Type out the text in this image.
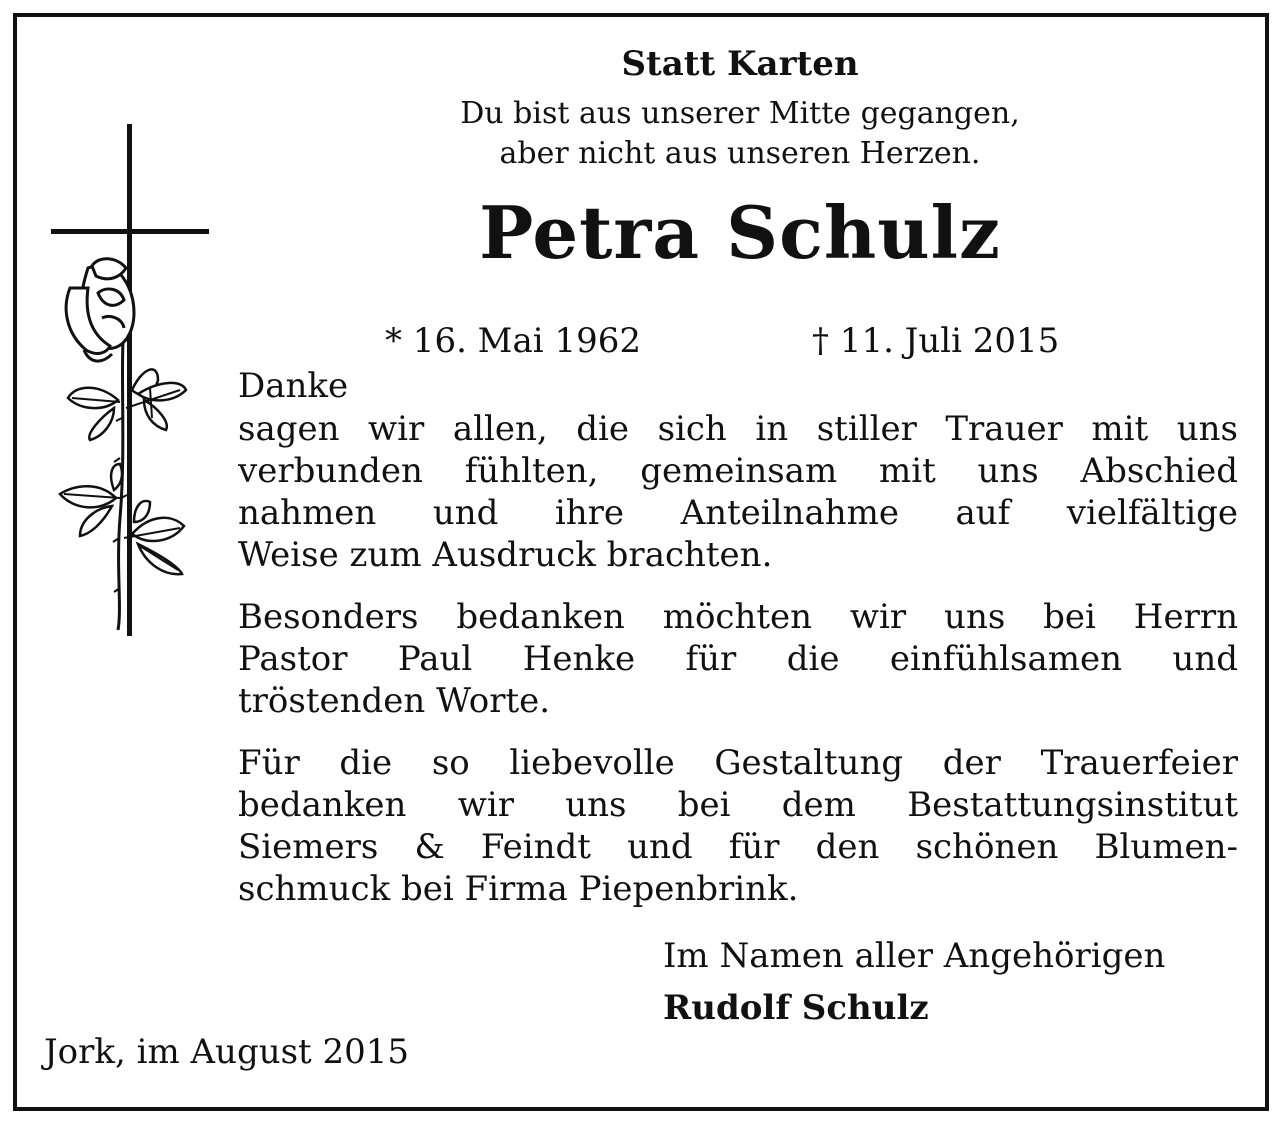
Statt Karten
Du bist aus unserer Mitte gegangen,
aber nicht aus unseren Herzen.
Petra Schulz
* 16. Mai 1962	† 11. Juli 2015
Danke
sagen wir allen, die sich in stiller Trauer mit uns
verbunden fühlten, gemeinsam mit uns Abschied
nahmen und ihre Anteilnahme auf vielfältige
Weise zum Ausdruck brachten.
Besonders bedanken möchten wir uns bei Herrn
Pastor Paul Henke für die einfühlsamen und
tröstenden Worte.
Für die so liebevolle Gestaltung der Trauerfeier
bedanken wir uns bei dem Bestattungsinstitut
Siemers & Feindt und für den schönen Blumen-
schmuck bei Firma Piepenbrink.
Im Namen aller Angehörigen
Rudolf Schulz
Jork, im August 2015
